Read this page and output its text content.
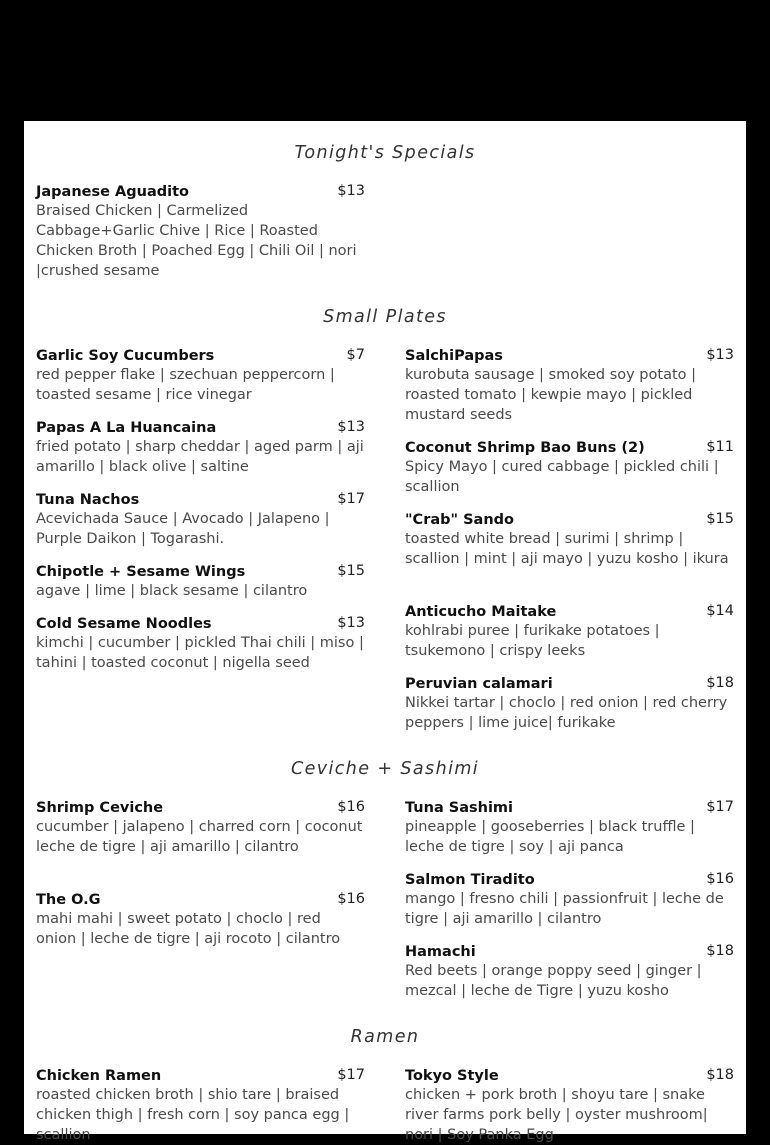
Tonight's Specials
Japanese Aguadito	$13

Braised Chicken | Carmelized Cabbage+Garlic Chive | Rice | Roasted Chicken Broth | Poached Egg | Chili Oil | nori |crushed sesame

Small Plates
Garlic Soy Cucumbers	$7

red pepper flake | szechuan peppercorn | toasted sesame | rice vinegar

Papas A La Huancaina	$13

fried potato | sharp cheddar | aged parm | aji amarillo | black olive | saltine

Tuna Nachos	$17

Acevichada Sauce | Avocado | Jalapeno | Purple Daikon | Togarashi.

Chipotle + Sesame Wings	$15

agave | lime | black sesame | cilantro

Cold Sesame Noodles	$13

kimchi | cucumber | pickled Thai chili | miso | tahini | toasted coconut | nigella seed

SalchiPapas	$13

kurobuta sausage | smoked soy potato | roasted tomato | kewpie mayo | pickled mustard seeds

Coconut Shrimp Bao Buns (2)	$11

Spicy Mayo | cured cabbage | pickled chili | scallion

"Crab" Sando	$15

toasted white bread | surimi | shrimp | scallion | mint | aji mayo | yuzu kosho | ikura

Anticucho Maitake	$14

kohlrabi puree | furikake potatoes | tsukemono | crispy leeks

Peruvian calamari	$18

Nikkei tartar | choclo | red onion | red cherry peppers | lime juice| furikake

Ceviche + Sashimi
Shrimp Ceviche	$16

cucumber | jalapeno | charred corn | coconut leche de tigre | aji amarillo | cilantro

The O.G	$16

mahi mahi | sweet potato | choclo | red onion | leche de tigre | aji rocoto | cilantro

Tuna Sashimi	$17

pineapple | gooseberries | black truffle | leche de tigre | soy | aji panca

Salmon Tiradito	$16

mango | fresno chili | passionfruit | leche de tigre | aji amarillo | cilantro

Hamachi	$18

Red beets | orange poppy seed | ginger | mezcal | leche de Tigre | yuzu kosho

Ramen
Chicken Ramen	$17

roasted chicken broth | shio tare | braised chicken thigh | fresh corn | soy panca egg | scallion

Tokyo Style	$18

chicken + pork broth | shoyu tare | snake river farms pork belly | oyster mushroom| nori | Soy Panka Egg
